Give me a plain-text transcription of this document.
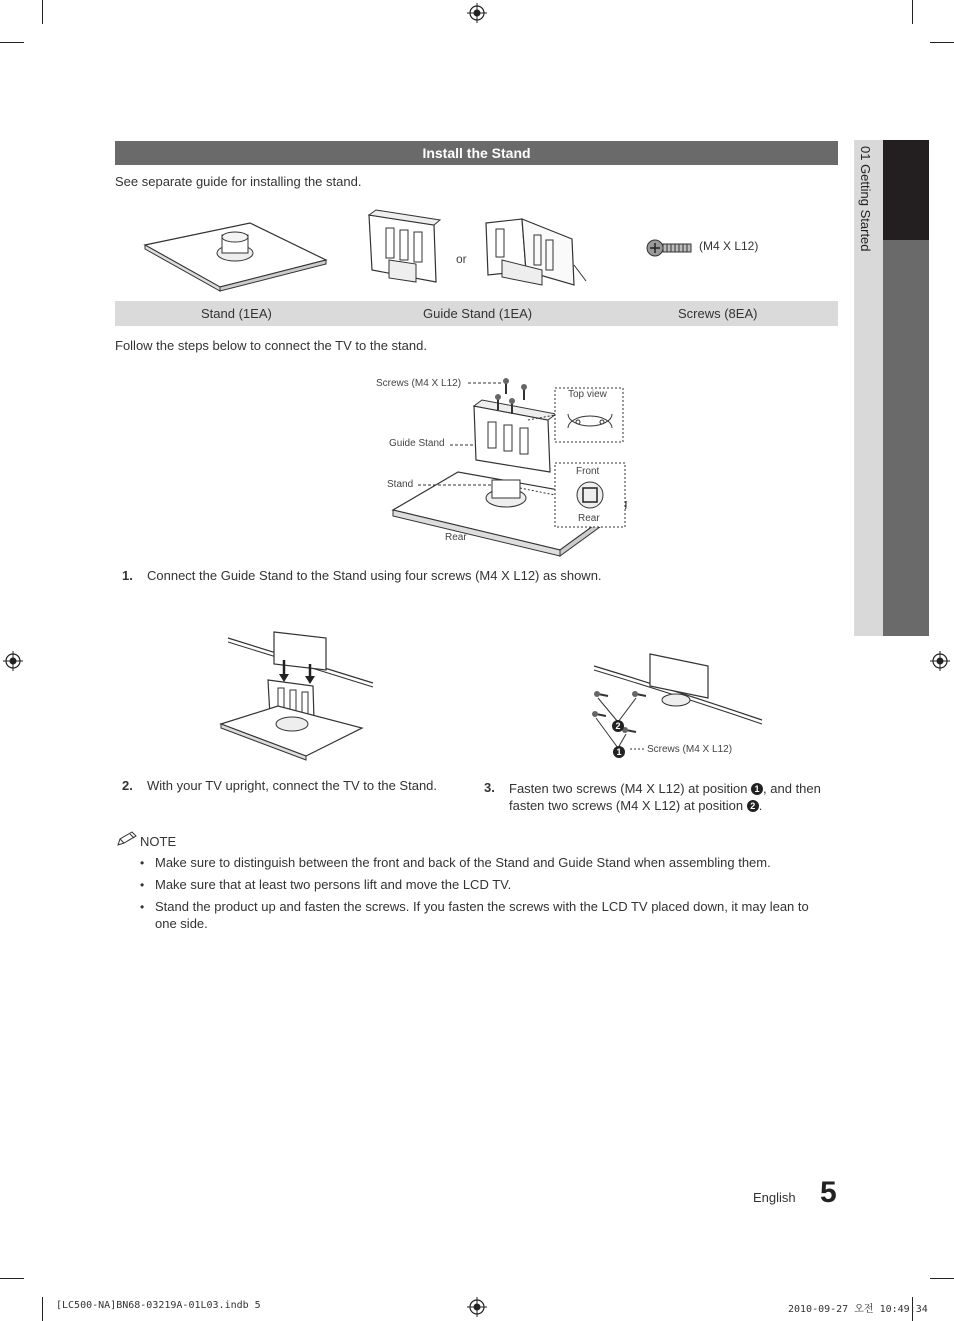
01 Getting Started
Install the Stand
See separate guide for installing the stand.
or
(M4 X L12)
Stand (1EA)	Guide Stand (1EA)	Screws (8EA)
Follow the steps below to connect the TV to the stand.
Screws (M4 X L12)
Guide Stand
Stand
Rear
Top view
Front
Rear
1. Connect the Guide Stand to the Stand using four screws (M4 X L12) as shown.
2. With your TV upright, connect the TV to the Stand.
2
1	Screws (M4 X L12)
3. Fasten two screws (M4 X L12) at position 1 , and then
fasten two screws (M4 X L12) at position 2 .
NOTE
• Make sure to distinguish between the front and back of the Stand and Guide Stand when assembling them.
• Make sure that at least two persons lift and move the LCD TV.
• Stand the product up and fasten the screws. If you fasten the screws with the LCD TV placed down, it may lean to
one side.
English 5
[LC500-NA]BN68-03219A-01L03.indb 5	2010-09-27 오전 10:49:34
